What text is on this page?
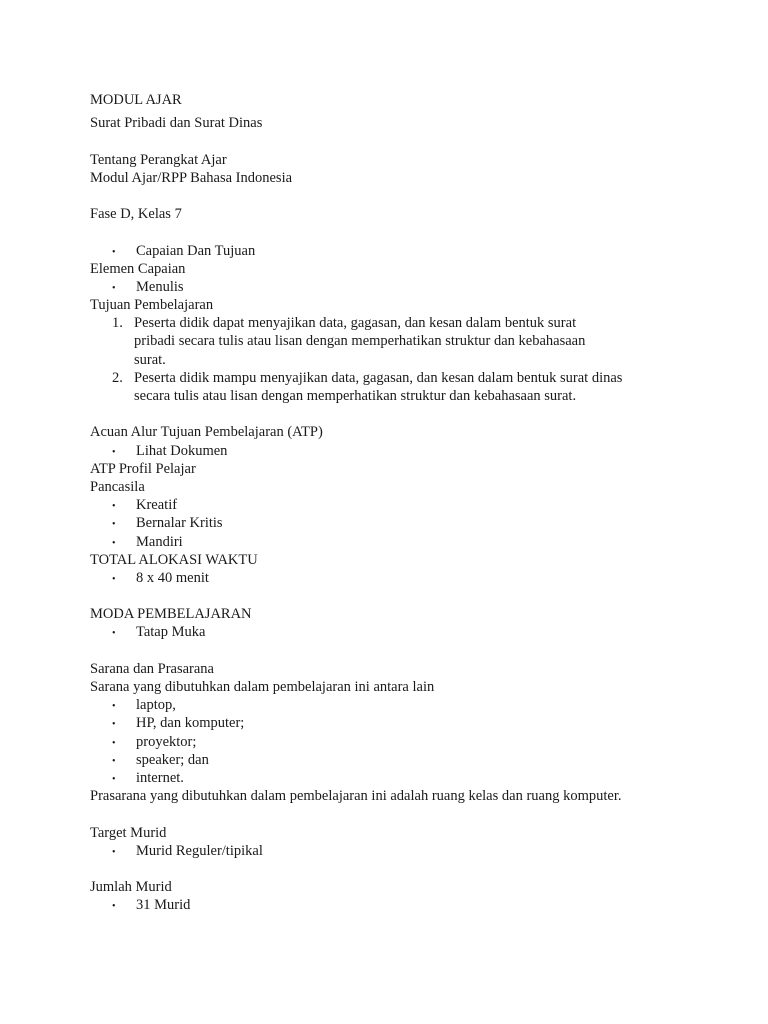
MODUL AJAR
Surat Pribadi dan Surat Dinas
Tentang Perangkat Ajar
Modul Ajar/RPP Bahasa Indonesia
Fase D, Kelas 7
•	Capaian Dan Tujuan
Elemen Capaian
•	Menulis
Tujuan Pembelajaran
1. Peserta didik dapat menyajikan data, gagasan, dan kesan dalam bentuk surat
pribadi secara tulis atau lisan dengan memperhatikan struktur dan kebahasaan
surat.
2. Peserta didik mampu menyajikan data, gagasan, dan kesan dalam bentuk surat dinas
secara tulis atau lisan dengan memperhatikan struktur dan kebahasaan surat.
Acuan Alur Tujuan Pembelajaran (ATP)
•	Lihat Dokumen
ATP Profil Pelajar
Pancasila
•	Kreatif
•	Bernalar Kritis
•	Mandiri
TOTAL ALOKASI WAKTU
•	8 x 40 menit
MODA PEMBELAJARAN
•	Tatap Muka
Sarana dan Prasarana
Sarana yang dibutuhkan dalam pembelajaran ini antara lain
•	laptop,
•	HP, dan komputer;
•	proyektor;
•	speaker; dan
•	internet.
Prasarana yang dibutuhkan dalam pembelajaran ini adalah ruang kelas dan ruang komputer.
Target Murid
•	Murid Reguler/tipikal
Jumlah Murid
•	31 Murid
